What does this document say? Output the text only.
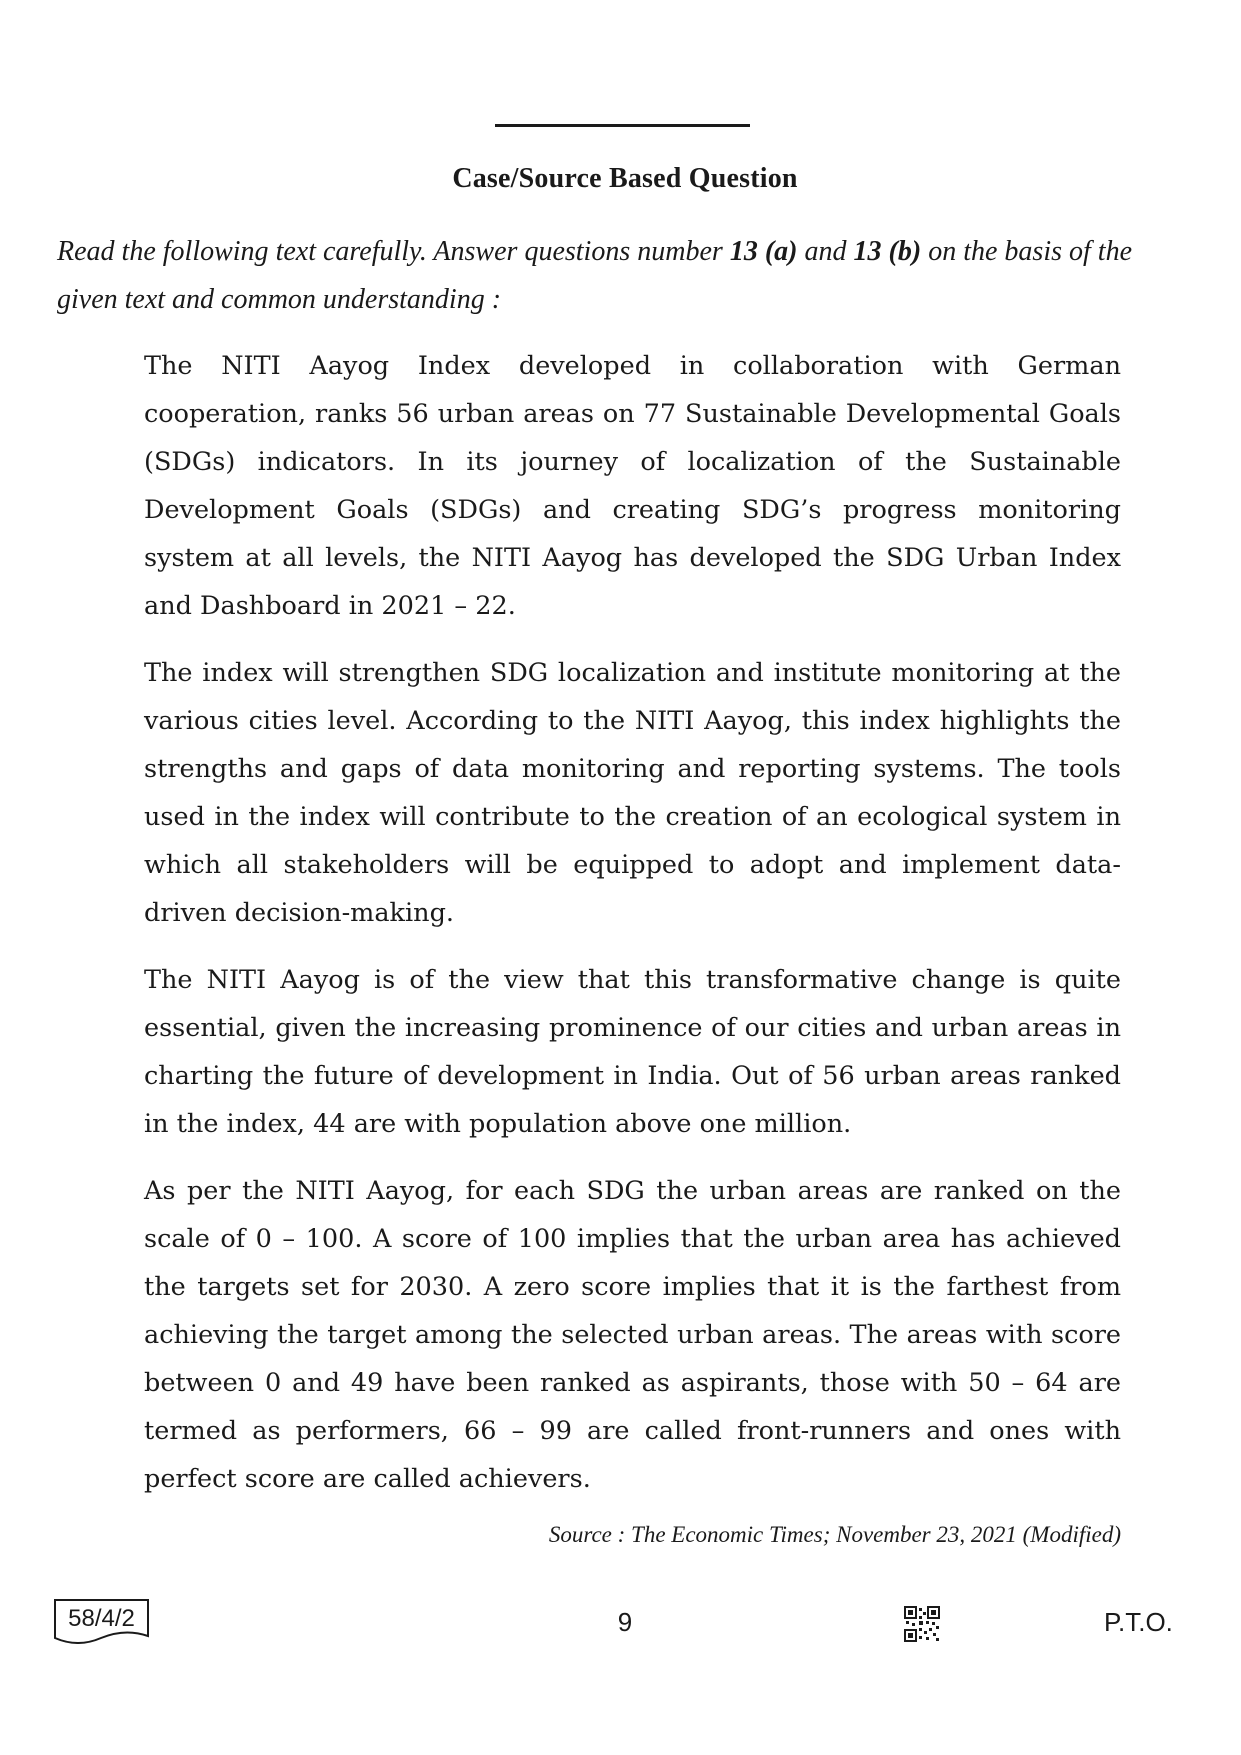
Case/Source Based Question
Read the following text carefully. Answer questions number 13 (a) and 13 (b) on the basis of the given text and common understanding :

The NITI Aayog Index developed in collaboration with German cooperation, ranks 56 urban areas on 77 Sustainable Developmental Goals (SDGs) indicators. In its journey of localization of the Sustainable Development Goals (SDGs) and creating SDG’s progress monitoring system at all levels, the NITI Aayog has developed the SDG Urban Index and Dashboard in 2021 – 22.

The index will strengthen SDG localization and institute monitoring at the various cities level. According to the NITI Aayog, this index highlights the strengths and gaps of data monitoring and reporting systems. The tools used in the index will contribute to the creation of an ecological system in which all stakeholders will be equipped to adopt and implement data-driven decision-making.

The NITI Aayog is of the view that this transformative change is quite essential, given the increasing prominence of our cities and urban areas in charting the future of development in India. Out of 56 urban areas ranked in the index, 44 are with population above one million.

As per the NITI Aayog, for each SDG the urban areas are ranked on the scale of 0 – 100. A score of 100 implies that the urban area has achieved the targets set for 2030. A zero score implies that it is the farthest from achieving the target among the selected urban areas. The areas with score between 0 and 49 have been ranked as aspirants, those with 50 – 64 are termed as performers, 66 – 99 are called front-runners and ones with perfect score are called achievers.

Source : The Economic Times; November 23, 2021 (Modified)
58/4/2	9	P.T.O.
